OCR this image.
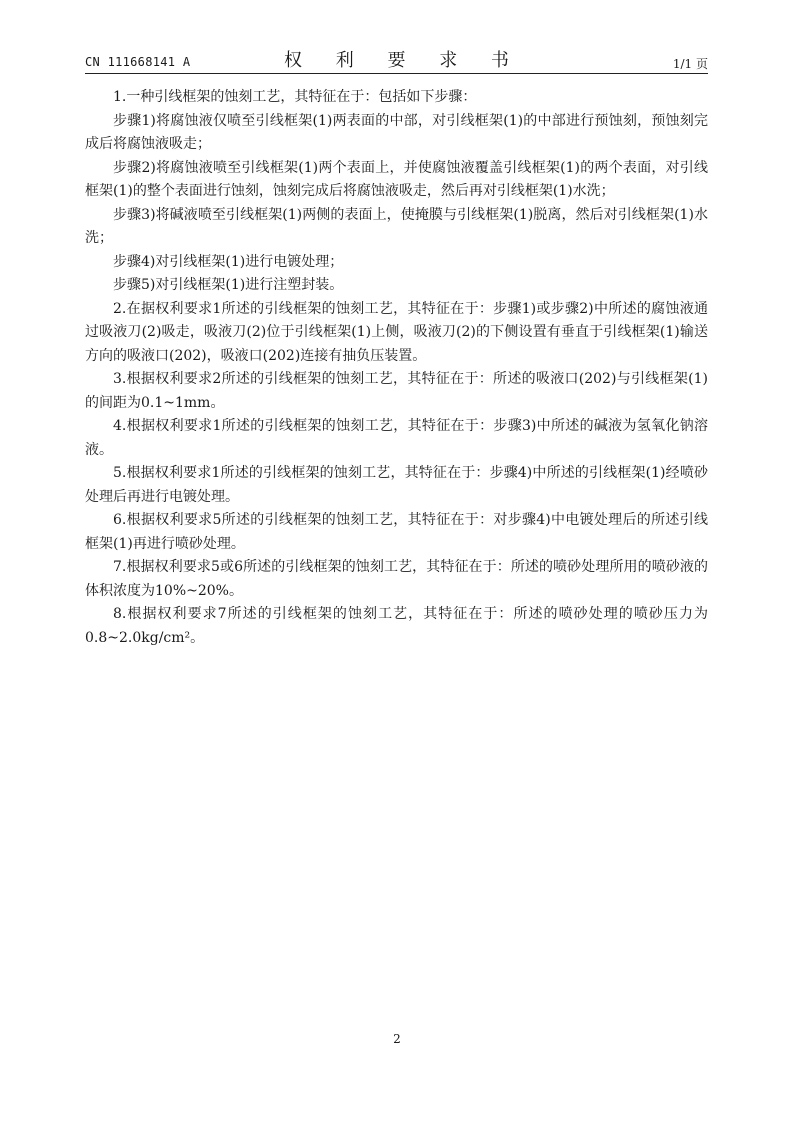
CN 111668141 A	权 利 要 求 书	1/1 页

1.一种引线框架的蚀刻工艺，其特征在于：包括如下步骤：

步骤1)将腐蚀液仅喷至引线框架(1)两表面的中部，对引线框架(1)的中部进行预蚀刻，预蚀刻完成后将腐蚀液吸走；

步骤2)将腐蚀液喷至引线框架(1)两个表面上，并使腐蚀液覆盖引线框架(1)的两个表面，对引线框架(1)的整个表面进行蚀刻，蚀刻完成后将腐蚀液吸走，然后再对引线框架(1)水洗；

步骤3)将碱液喷至引线框架(1)两侧的表面上，使掩膜与引线框架(1)脱离，然后对引线框架(1)水洗；

步骤4)对引线框架(1)进行电镀处理；

步骤5)对引线框架(1)进行注塑封装。

2.在据权利要求1所述的引线框架的蚀刻工艺，其特征在于：步骤1)或步骤2)中所述的腐蚀液通过吸液刀(2)吸走，吸液刀(2)位于引线框架(1)上侧，吸液刀(2)的下侧设置有垂直于引线框架(1)输送方向的吸液口(202)，吸液口(202)连接有抽负压装置。

3.根据权利要求2所述的引线框架的蚀刻工艺，其特征在于：所述的吸液口(202)与引线框架(1)的间距为0.1~1mm。

4.根据权利要求1所述的引线框架的蚀刻工艺，其特征在于：步骤3)中所述的碱液为氢氧化钠溶液。

5.根据权利要求1所述的引线框架的蚀刻工艺，其特征在于：步骤4)中所述的引线框架(1)经喷砂处理后再进行电镀处理。

6.根据权利要求5所述的引线框架的蚀刻工艺，其特征在于：对步骤4)中电镀处理后的所述引线框架(1)再进行喷砂处理。

7.根据权利要求5或6所述的引线框架的蚀刻工艺，其特征在于：所述的喷砂处理所用的喷砂液的体积浓度为10%~20%。

8.根据权利要求7所述的引线框架的蚀刻工艺，其特征在于：所述的喷砂处理的喷砂压力为0.8~2.0kg/cm²。

2
